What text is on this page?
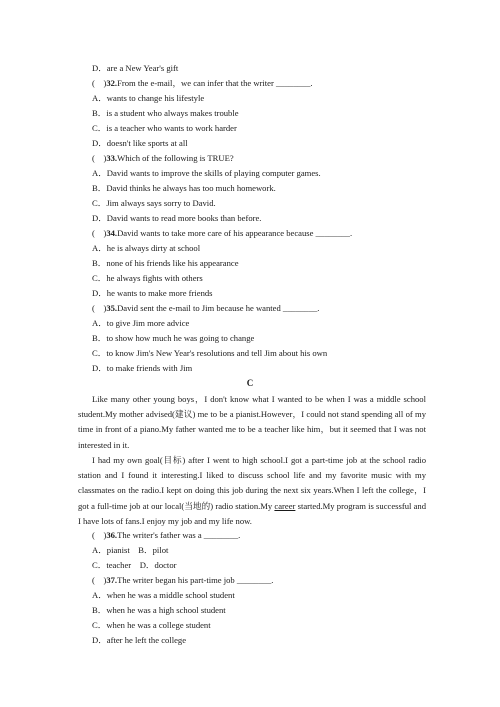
D．are a New Year's gift
(　)32.From the e-mail，we can infer that the writer ________.
A．wants to change his lifestyle
B．is a student who always makes trouble
C．is a teacher who wants to work harder
D．doesn't like sports at all
(　)33.Which of the following is TRUE?
A．David wants to improve the skills of playing computer games.
B．David thinks he always has too much homework.
C．Jim always says sorry to David.
D．David wants to read more books than before.
(　)34.David wants to take more care of his appearance because ________.
A．he is always dirty at school
B．none of his friends like his appearance
C．he always fights with others
D．he wants to make more friends
(　)35.David sent the e-mail to Jim because he wanted ________.
A．to give Jim more advice
B．to show how much he was going to change
C．to know Jim's New Year's resolutions and tell Jim about his own
D．to make friends with Jim
C
Like many other young boys，I don't know what I wanted to be when I was a middle school student.My mother advised(建议) me to be a pianist.However，I could not stand spending all of my time in front of a piano.My father wanted me to be a teacher like him，but it seemed that I was not interested in it.
I had my own goal(目标) after I went to high school.I got a part-time job at the school radio station and I found it interesting.I liked to discuss school life and my favorite music with my classmates on the radio.I kept on doing this job during the next six years.When I left the college，I got a full-time job at our local(当地的) radio station.My career started.My program is successful and I have lots of fans.I enjoy my job and my life now.
(　)36.The writer's father was a ________.
A．pianist　B．pilot
C．teacher　D．doctor
(　)37.The writer began his part-time job ________.
A．when he was a middle school student
B．when he was a high school student
C．when he was a college student
D．after he left the college
